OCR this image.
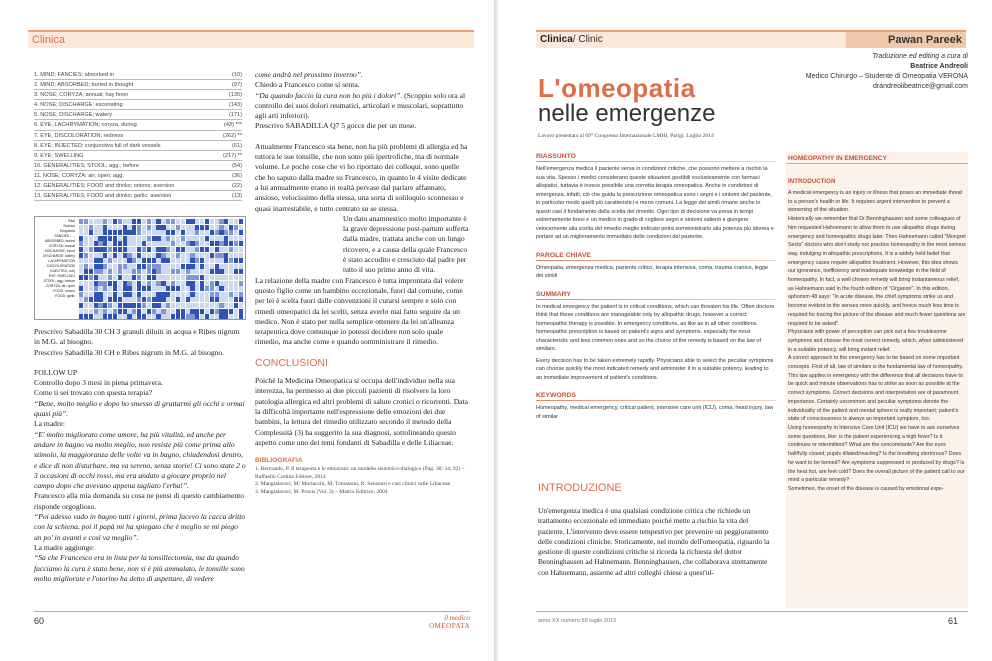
Clinica
1. MIND; FANCIES; absorbed in	(10)
2. MIND; ABSORBED; buried in thought	(97)
3. NOSE; CORYZA; annual; hay fever	(135)
4. NOSE; DISCHARGE; excoriating	(143)
5. NOSE; DISCHARGE; watery	(171)
6. EYE; LACHRYMATION; coryza, during	(43) ***
7. EYE; DISCOLORATION; redness	(262) **
8. EYE; INJECTED; conjunctiva full of dark vessels	(61)
9. EYE; SWELLING	(217) **
10. GENERALITIES; STOOL; agg.; before	(54)
11. NOSE; CORYZA; air; open; agg.	(36)
12. GENERALITIES; FOOD and drinks; onions; aversion	(22)
13. GENERALITIES; FOOD and drinks; garlic; aversion	(13)
Total
Rubrics
Kingdoms
FANCIES - ...
ABSORBED; buried
CORYZA; annual
DISCHARGE; excor
DISCHARGE; watery
LACHRYMATION
DISCOLORATION
INJECTED; conj
EYE; SWELLING
STOOL; agg.; before
CORYZA; air; open
FOOD; onions
FOOD; garlic

Prescrivo Sabadilla 30 CH 3 granuli diluiti in acqua e Ribes nigrum in M.G. al bisogno.

Prescrivo Sabadilla 30 CH e Ribes nigrum in M.G. al bisogno.

FOLLOW UP

Controllo dopo 3 mesi in piena primavera.

Come ti sei trovato con questa terapia?

“Bene, molto meglio e dopo ho smesso di grattarmi gli occhi e ormai quasi più”.

La madre:

“E' molto migliorato come umore, ha più vitalità, ed anche per andare in bagno va molto meglio, non resiste più come prima allo stimolo, la maggioranza delle volte va in bagno, chiudendosi dentro, e dice di non disturbare, ma va sereno, senza storie! Ci sono state 2 o 3 occasioni di occhi rossi, ma era andato a giocare proprio nel campo dopo che avevano appena tagliato l'erba!”.

Francesco alla mia domanda su cosa ne pensi di questo cambiamento risponde orgoglioso.

“Poi adesso vado in bagno tutti i giorni, prima facevo la cacca dritto con la schiena, poi il papà mi ha spiegato che è meglio se mi piego un po' in avanti e così va meglio”.

La madre aggiunge:

“Sa che Francesco era in lista per la tonsillectomia, ma da quando facciamo la cura è stato bene, non si è più ammalato, le tonsille sono molto migliorate e l'otorino ha detto di aspettare, di vedere

come andrà nel prossimo inverno”.

Chiedo a Francesco come si senta.

“Da quando faccio la cura non ho più i dolori”. (Scoppio solo ora al controllo dei suoi dolori reumatici, articolari e muscolari, soprattutto agli arti inferiori).

Prescrivo SABADILLA Q7 5 gocce die per un mese.

Attualmente Francesco sta bene, non ha più problemi di allergia ed ha tuttora le sue tonsille, che non sono più ipertrofiche, ma di normale volume. Le poche cose che vi ho riportato dei colloqui, sono quelle che ho saputo dalla madre su Francesco, in quanto le 4 visite dedicate a lui annualmente erano in realtà pervase dal parlare affannato, ansioso, velocissimo della stessa, una sorta di soliloquio sconnesso e quasi inarrestabile, e tutto centrato su se stessa.

Un dato anamnestico molto importante è la grave depressione post-partum sofferta dalla madre, trattata anche con un lungo ricovero, e a causa della quale Francesco è stato accudito e cresciuto dal padre per tutto il suo primo anno di vita.

La relazione della madre con Francesco è tutta improntata dal volere questo figlio come un bambino eccezionale, fuori dal comune, come per lei è scelta fuori dalle convenzioni il curarsi sempre e solo con rimedi omeopatici da lei scelti, senza averlo mai fatto seguire da un medico. Non è stato per nulla semplice ottenere da lei un'alleanza terapeutica dove comunque io potessi decidere non solo quale rimedio, ma anche come e quando somministrare il rimedio.

CONCLUSIONI

Poiché la Medicina Omeopatica si occupa dell'individuo nella sua interezza, ha permesso ai due piccoli pazienti di risolvere la loro patologia allergica ed altri problemi di salute cronici o ricorrenti. Data la difficoltà importante nell'espressione delle emozioni dei due bambini, la lettura del rimedio utilizzato secondo il metodo della Complessità (3) ha suggerito la sua diagnosi, sottolineando questo aspetto come uno dei temi fondanti di Sabadilla e delle Liliaceae.

BIBLIOGRAFIA
1. Bertrando, P. Il terapeuta e le emozioni: un modello sistemico-dialogico (Pag. 30; 34; 92) – Raffaello Cortina Editore, 2014
2. Mangialavori, M; Morlacchi, M; Tomassini, R. Sensouri e casi clinici sulle Liliaceae
3. Mangialavori, M. Praxis (Vol. 3) – Matrix Editrice, 2004
60	il medico
OMEOPATA
Clinica/ Clinic	Pawan Pareek
Traduzione ed editing a cura di
Beatrice Andreoli
Medico Chirurgo – Studente di Omeopatia VERONA
drandreolibeatrice@gmail.com
L'omeopatia
nelle emergenze
Lavoro presentato al 69° Congresso Internazionale LMHI, Parigi, Luglio 2014
RIASSUNTO
Nell'emergenza medica il paziente versa in condizioni critiche, che possono mettere a rischio la sua vita. Spesso i medici considerano queste situazioni gestibili esclusivamente con farmaci allopatici, tuttavia è invece possibile una corretta terapia omeopatica. Anche in condizioni di emergenza, infatti, ciò che guida la prescrizione omeopatica sono i segni e i sintomi del paziente, in particolar modo quelli più caratteristici e meno comuni. La legge dei simili rimane anche in questi casi il fondamento della scelta del rimedio. Ogni tipo di decisione va presa in tempi estremamente brevi e un medico in grado di cogliere segni e sintomi salienti e giungere velocemente alla scelta del rimedio meglio indicato potrà somministrarlo alla potenza più idonea e portare ad un miglioramento immediato delle condizioni del paziente.
PAROLE CHIAVE
Omeopatia, emergenza medica, paziente critico, terapia intensiva, coma, trauma cranico, legge dei simili
SUMMARY
In medical emergency the patient is in critical conditions, which can threaten his life. Often doctors think that these conditions are manageable only by allopathic drugs, however a correct homeopathic therapy is possible. In emergency conditions, as like as in all other conditions, homeopathic prescription is based on patient's signs and symptoms, especially the most characteristic and less common ones and so the choice of the remedy is based on the law of similars.
Every decision has to be taken extremely rapidly. Physicians able to select the peculiar symptoms can choose quickly the most indicated remedy and administer it in a suitable potency, leading to an immediate improvement of patient's conditions.
KEYWORDS
Homeopathy, medical emergency, critical patient, intensive care unit (ICU), coma, head injury, law of similar
INTRODUZIONE
Un'emergenza medica è una qualsiasi condizione critica che richiede un trattamento eccezionale ed immediato poiché mette a rischio la vita del paziente. L'intervento deve essere tempestivo per prevenire un peggioramento delle condizioni cliniche. Storicamente, nel mondo dell'omeopatia, riguardo la gestione di queste condizioni critiche si ricorda la richiesta del dottor Benninghausen ad Hahnemann. Benninghausen, che collaborava strettamente con Hahnemann, assieme ad altri colleghi chiese a quest'ul-
HOMEOPATHY IN EMERGENCY
INTRODUCTION

A medical emergency is an injury or illness that poses an immediate threat to a person's health or life. It requires urgent intervention to prevent a worsening of the situation.

Historically we remember that Dr Benninghausen and some colleagues of him requested Hahnemann to allow them to use allopathic drugs during emergency and homeopathic drugs later. Then Hahnemann called "Mongrel Sects" doctors who don't study nor practice homeopathy in the most serious way, indulging in allopathic prescriptions. It is a widely held belief that emergency cases require allopathic treatment. However, this idea shows our ignorance, inefficiency and inadequate knowledge in the field of homeopathy. In fact, a well chosen remedy will bring instantaneous relief, as Hahnemann said in the fourth edition of "Organon". In this edition, aphorism 48 says: "In acute disease, the chief symptoms strike us and become evident to the senses more quickly, and hence much less time is required for tracing the picture of the disease and much fewer questions are required to be asked".

Physicians with power of perception can pick out a few troublesome symptoms and choose the most correct remedy, which, when administered in a suitable potency, will bring instant relief.

A correct approach to the emergency has to be based on some important concepts. First of all, law of similars is the fundamental law of homeopathy. This law applies in emergency with the difference that all decisions have to be quick and minute observations has to strike as soon as possible at the correct symptoms. Correct decisions and interpretation are of paramount importance. Certainly uncommon and peculiar symptoms denote the individuality of the patient and mental sphere is really important; patient's state of consciousness is always an important symptom, too.

Using homeopathy in Intensive Care Unit (ICU) we have to ask ourselves some questions, like: is the patient experiencing a high fever? Is it continues or intermittent? What are the concomitants? Are the eyes half/fully closed; pupils dilated/reacting? Is the breathing stertorous? Does he want to be fanned? Are symptoms suppressed or produced by drugs? Is the heat hot, are feet cold? Does the overall picture of the patient call to our mind a particular remedy?

Sometimes, the onset of the disease is caused by emotional expe-

anno XX numero 59 luglio 2015	61
